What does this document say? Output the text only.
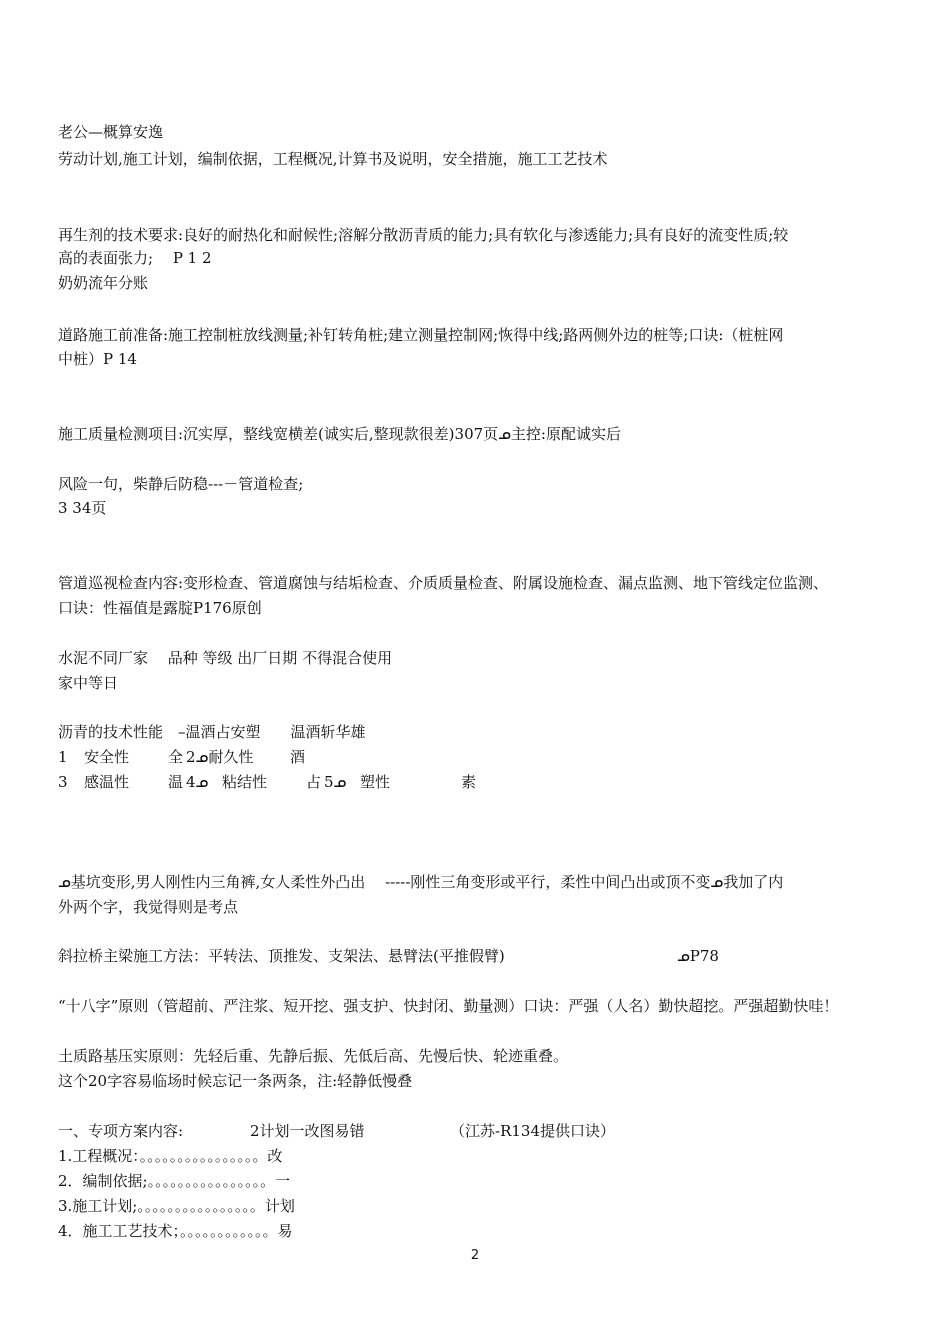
老公—概算安逸
劳动计划,施工计划，编制依据，工程概况,计算书及说明，安全措施，施工工艺技术
再生剂的技术要求:良好的耐热化和耐候性;溶解分散沥青质的能力;具有软化与渗透能力;具有良好的流变性质;较
高的表面张力;　 P 1 2
奶奶流年分账
道路施工前准备:施工控制桩放线测量;补钉转角桩;建立测量控制网;恢得中线;路两侧外边的桩等;口诀:（桩桩网
中桩）P 14
施工质量检测项目:沉实厚，整线宽横差(诚实后,整现款很差)307页ᓄ主控:原配诚实后
风险一句，柴静后防稳---－管道检查;
3 34页
管道巡视检查内容:变形检查、管道腐蚀与结垢检查、介质质量检查、附属设施检查、漏点监测、地下管线定位监测、
口诀：性福值是露腚P176原创
水泥不同厂家　 品种 等级 出厂日期 不得混合使用
家中等日
沥青的技术性能　–温酒占安塑　　温酒斩华雄
1 安全性	全 2ᓄ耐久性 酒
3 感温性	温 4ᓄ 粘结性	占 5ᓄ 塑性	素
ᓄ基坑变形,男人刚性内三角裤,女人柔性外凸出　 -----刚性三角变形或平行，柔性中间凸出或顶不变ᓄ我加了内
外两个字，我觉得则是考点
斜拉桥主梁施工方法：平转法、顶推发、支架法、悬臂法(平推假臂)	ᓄP78
“十八字”原则（管超前、严注浆、短开挖、强支护、快封闭、勤量测）口诀：严强（人名）勤快超挖。严强超勤快哇！
土质路基压实原则：先轻后重、先静后振、先低后高、先慢后快、轮迹重叠。
这个20字容易临场时候忘记一条两条，注:轻静低慢叠
一、专项方案内容:	2计划一改图易错	（江苏-R134提供口诀）
1.工程概况：。。。。。。。。。。。。。。。。改
2．编制依据;。。。。。。。。。。。。。。。。一
3.施工计划;。。。。。。。。。。。。。。。。计划
4．施工工艺技术；。。。。。。。。。。。。易
2
